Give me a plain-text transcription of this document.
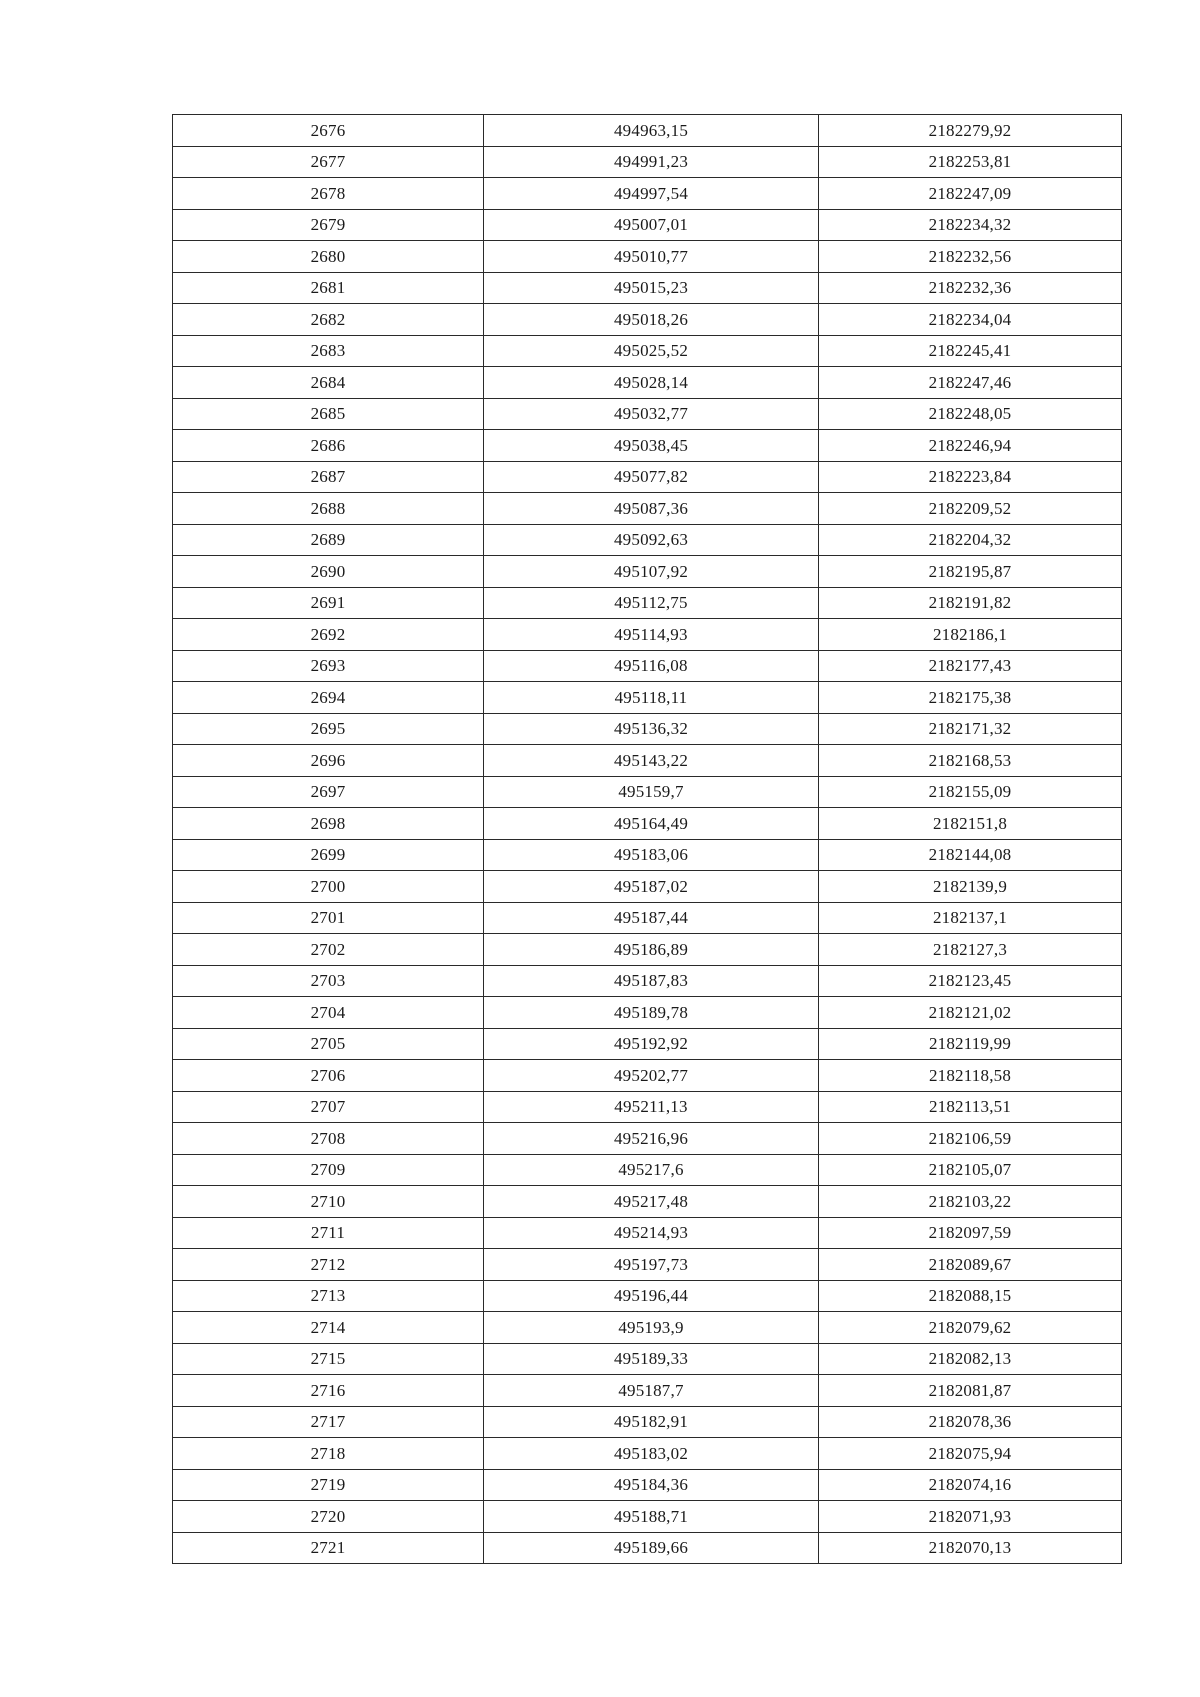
2676	494963,15	2182279,92
2677	494991,23	2182253,81
2678	494997,54	2182247,09
2679	495007,01	2182234,32
2680	495010,77	2182232,56
2681	495015,23	2182232,36
2682	495018,26	2182234,04
2683	495025,52	2182245,41
2684	495028,14	2182247,46
2685	495032,77	2182248,05
2686	495038,45	2182246,94
2687	495077,82	2182223,84
2688	495087,36	2182209,52
2689	495092,63	2182204,32
2690	495107,92	2182195,87
2691	495112,75	2182191,82
2692	495114,93	2182186,1
2693	495116,08	2182177,43
2694	495118,11	2182175,38
2695	495136,32	2182171,32
2696	495143,22	2182168,53
2697	495159,7	2182155,09
2698	495164,49	2182151,8
2699	495183,06	2182144,08
2700	495187,02	2182139,9
2701	495187,44	2182137,1
2702	495186,89	2182127,3
2703	495187,83	2182123,45
2704	495189,78	2182121,02
2705	495192,92	2182119,99
2706	495202,77	2182118,58
2707	495211,13	2182113,51
2708	495216,96	2182106,59
2709	495217,6	2182105,07
2710	495217,48	2182103,22
2711	495214,93	2182097,59
2712	495197,73	2182089,67
2713	495196,44	2182088,15
2714	495193,9	2182079,62
2715	495189,33	2182082,13
2716	495187,7	2182081,87
2717	495182,91	2182078,36
2718	495183,02	2182075,94
2719	495184,36	2182074,16
2720	495188,71	2182071,93
2721	495189,66	2182070,13
